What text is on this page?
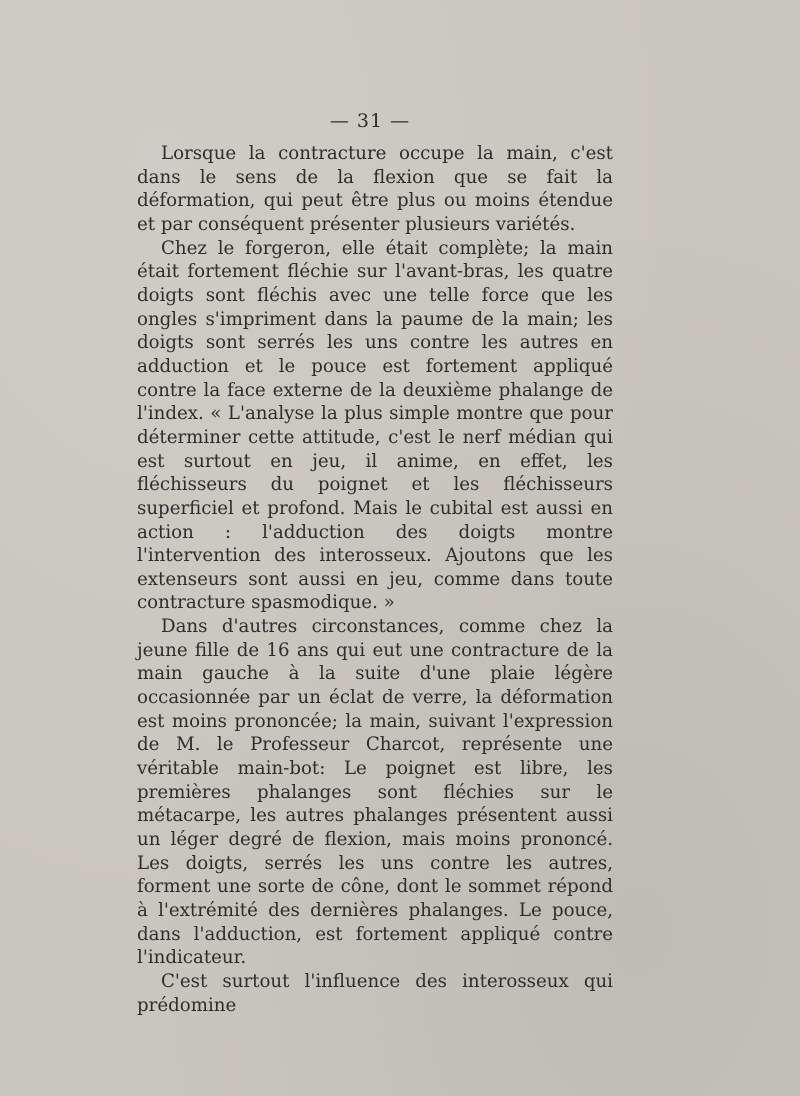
— 31 —

Lorsque la contracture occupe la main, c'est dans le sens de la flexion que se fait la déformation, qui peut être plus ou moins étendue et par conséquent présenter plusieurs variétés.

Chez le forgeron, elle était complète; la main était fortement fléchie sur l'avant-bras, les quatre doigts sont fléchis avec une telle force que les ongles s'impriment dans la paume de la main; les doigts sont serrés les uns contre les autres en adduction et le pouce est fortement appliqué contre la face externe de la deuxième phalange de l'index. « L'analyse la plus simple montre que pour déterminer cette attitude, c'est le nerf médian qui est surtout en jeu, il anime, en effet, les fléchisseurs du poignet et les fléchisseurs superficiel et profond. Mais le cubital est aussi en action : l'adduction des doigts montre l'intervention des interosseux. Ajoutons que les extenseurs sont aussi en jeu, comme dans toute contracture spasmodique. »

Dans d'autres circonstances, comme chez la jeune fille de 16 ans qui eut une contracture de la main gauche à la suite d'une plaie légère occasionnée par un éclat de verre, la déformation est moins prononcée; la main, suivant l'expression de M. le Professeur Charcot, représente une véritable main-bot: Le poignet est libre, les premières phalanges sont fléchies sur le métacarpe, les autres phalanges présentent aussi un léger degré de flexion, mais moins prononcé. Les doigts, serrés les uns contre les autres, forment une sorte de cône, dont le sommet répond à l'extrémité des dernières phalanges. Le pouce, dans l'adduction, est fortement appliqué contre l'indicateur.

C'est surtout l'influence des interosseux qui prédomine
